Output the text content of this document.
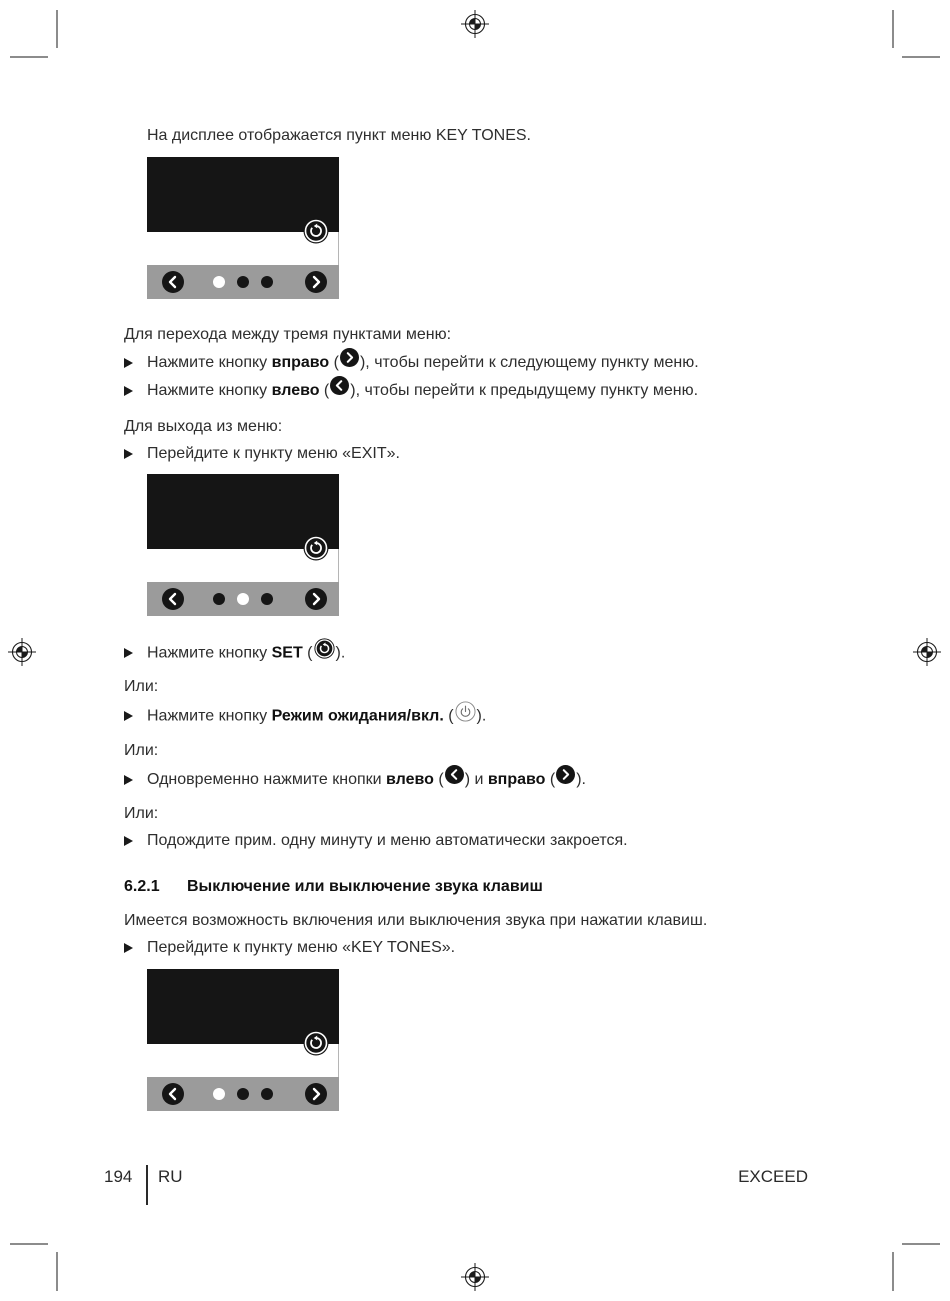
На дисплее отображается пункт меню KEY TONES.
Для перехода между тремя пунктами меню:
Нажмите кнопку вправо ( ), чтобы перейти к следующему пункту меню.
Нажмите кнопку влево ( ), чтобы перейти к предыдущему пункту меню.
Для выхода из меню:
Перейдите к пункту меню «EXIT».
Нажмите кнопку SET ( ).
Или:
Нажмите кнопку Режим ожидания/вкл. ( ).
Или:
Одновременно нажмите кнопки влево ( ) и вправо ( ).
Или:
Подождите прим. одну минуту и меню автоматически закроется.
6.2.1 Выключение или выключение звука клавиш
Имеется возможность включения или выключения звука при нажатии клавиш.
Перейдите к пункту меню «KEY TONES».
194 RU	EXCEED
